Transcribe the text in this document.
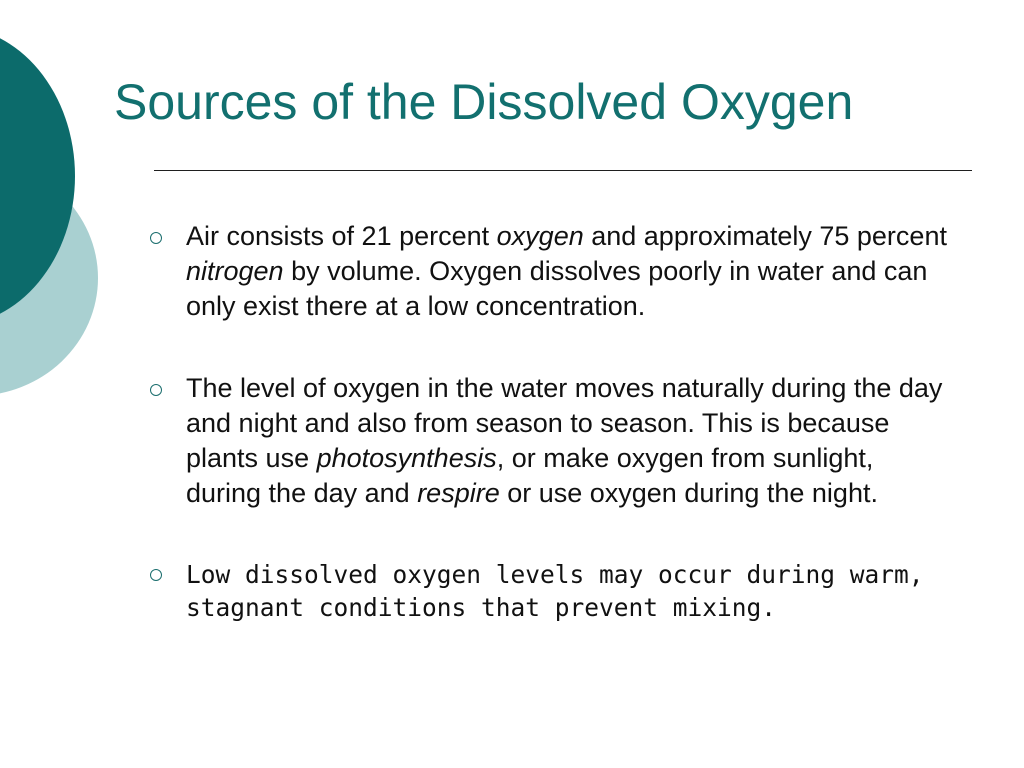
Sources of the Dissolved Oxygen
Air consists of 21 percent oxygen and approximately 75 percent nitrogen by volume. Oxygen dissolves poorly in water and can only exist there at a low concentration.
The level of oxygen in the water moves naturally during the day and night and also from season to season. This is because plants use photosynthesis, or make oxygen from sunlight, during the day and respire or use oxygen during the night.
Low dissolved oxygen levels may occur during warm, stagnant conditions that prevent mixing.
